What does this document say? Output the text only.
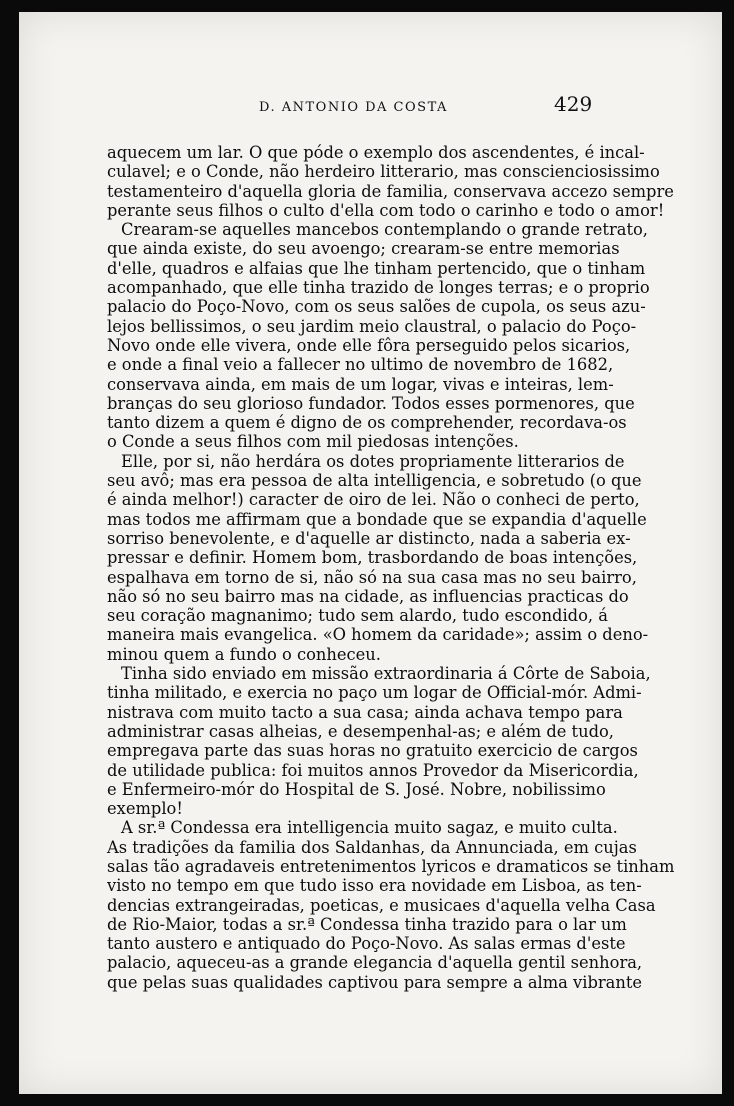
D. ANTONIO DA COSTA	429
aquecem um lar. O que póde o exemplo dos ascendentes, é incal-
culavel; e o Conde, não herdeiro litterario, mas conscienciosissimo
testamenteiro d'aquella gloria de familia, conservava accezo sempre
perante seus filhos o culto d'ella com todo o carinho e todo o amor!
Crearam-se aquelles mancebos contemplando o grande retrato,
que ainda existe, do seu avoengo; crearam-se entre memorias
d'elle, quadros e alfaias que lhe tinham pertencido, que o tinham
acompanhado, que elle tinha trazido de longes terras; e o proprio
palacio do Poço-Novo, com os seus salões de cupola, os seus azu-
lejos bellissimos, o seu jardim meio claustral, o palacio do Poço-
Novo onde elle vivera, onde elle fôra perseguido pelos sicarios,
e onde a final veio a fallecer no ultimo de novembro de 1682,
conservava ainda, em mais de um logar, vivas e inteiras, lem-
branças do seu glorioso fundador. Todos esses pormenores, que
tanto dizem a quem é digno de os comprehender, recordava-os
o Conde a seus filhos com mil piedosas intenções.
Elle, por si, não herdára os dotes propriamente litterarios de
seu avô; mas era pessoa de alta intelligencia, e sobretudo (o que
é ainda melhor!) caracter de oiro de lei. Não o conheci de perto,
mas todos me affirmam que a bondade que se expandia d'aquelle
sorriso benevolente, e d'aquelle ar distincto, nada a saberia ex-
pressar e definir. Homem bom, trasbordando de boas intenções,
espalhava em torno de si, não só na sua casa mas no seu bairro,
não só no seu bairro mas na cidade, as influencias practicas do
seu coração magnanimo; tudo sem alardo, tudo escondido, á
maneira mais evangelica. «O homem da caridade»; assim o deno-
minou quem a fundo o conheceu.
Tinha sido enviado em missão extraordinaria á Côrte de Saboia,
tinha militado, e exercia no paço um logar de Official-mór. Admi-
nistrava com muito tacto a sua casa; ainda achava tempo para
administrar casas alheias, e desempenhal-as; e além de tudo,
empregava parte das suas horas no gratuito exercicio de cargos
de utilidade publica: foi muitos annos Provedor da Misericordia,
e Enfermeiro-mór do Hospital de S. José. Nobre, nobilissimo
exemplo!
A sr.ª Condessa era intelligencia muito sagaz, e muito culta.
As tradições da familia dos Saldanhas, da Annunciada, em cujas
salas tão agradaveis entretenimentos lyricos e dramaticos se tinham
visto no tempo em que tudo isso era novidade em Lisboa, as ten-
dencias extrangeiradas, poeticas, e musicaes d'aquella velha Casa
de Rio-Maior, todas a sr.ª Condessa tinha trazido para o lar um
tanto austero e antiquado do Poço-Novo. As salas ermas d'este
palacio, aqueceu-as a grande elegancia d'aquella gentil senhora,
que pelas suas qualidades captivou para sempre a alma vibrante
